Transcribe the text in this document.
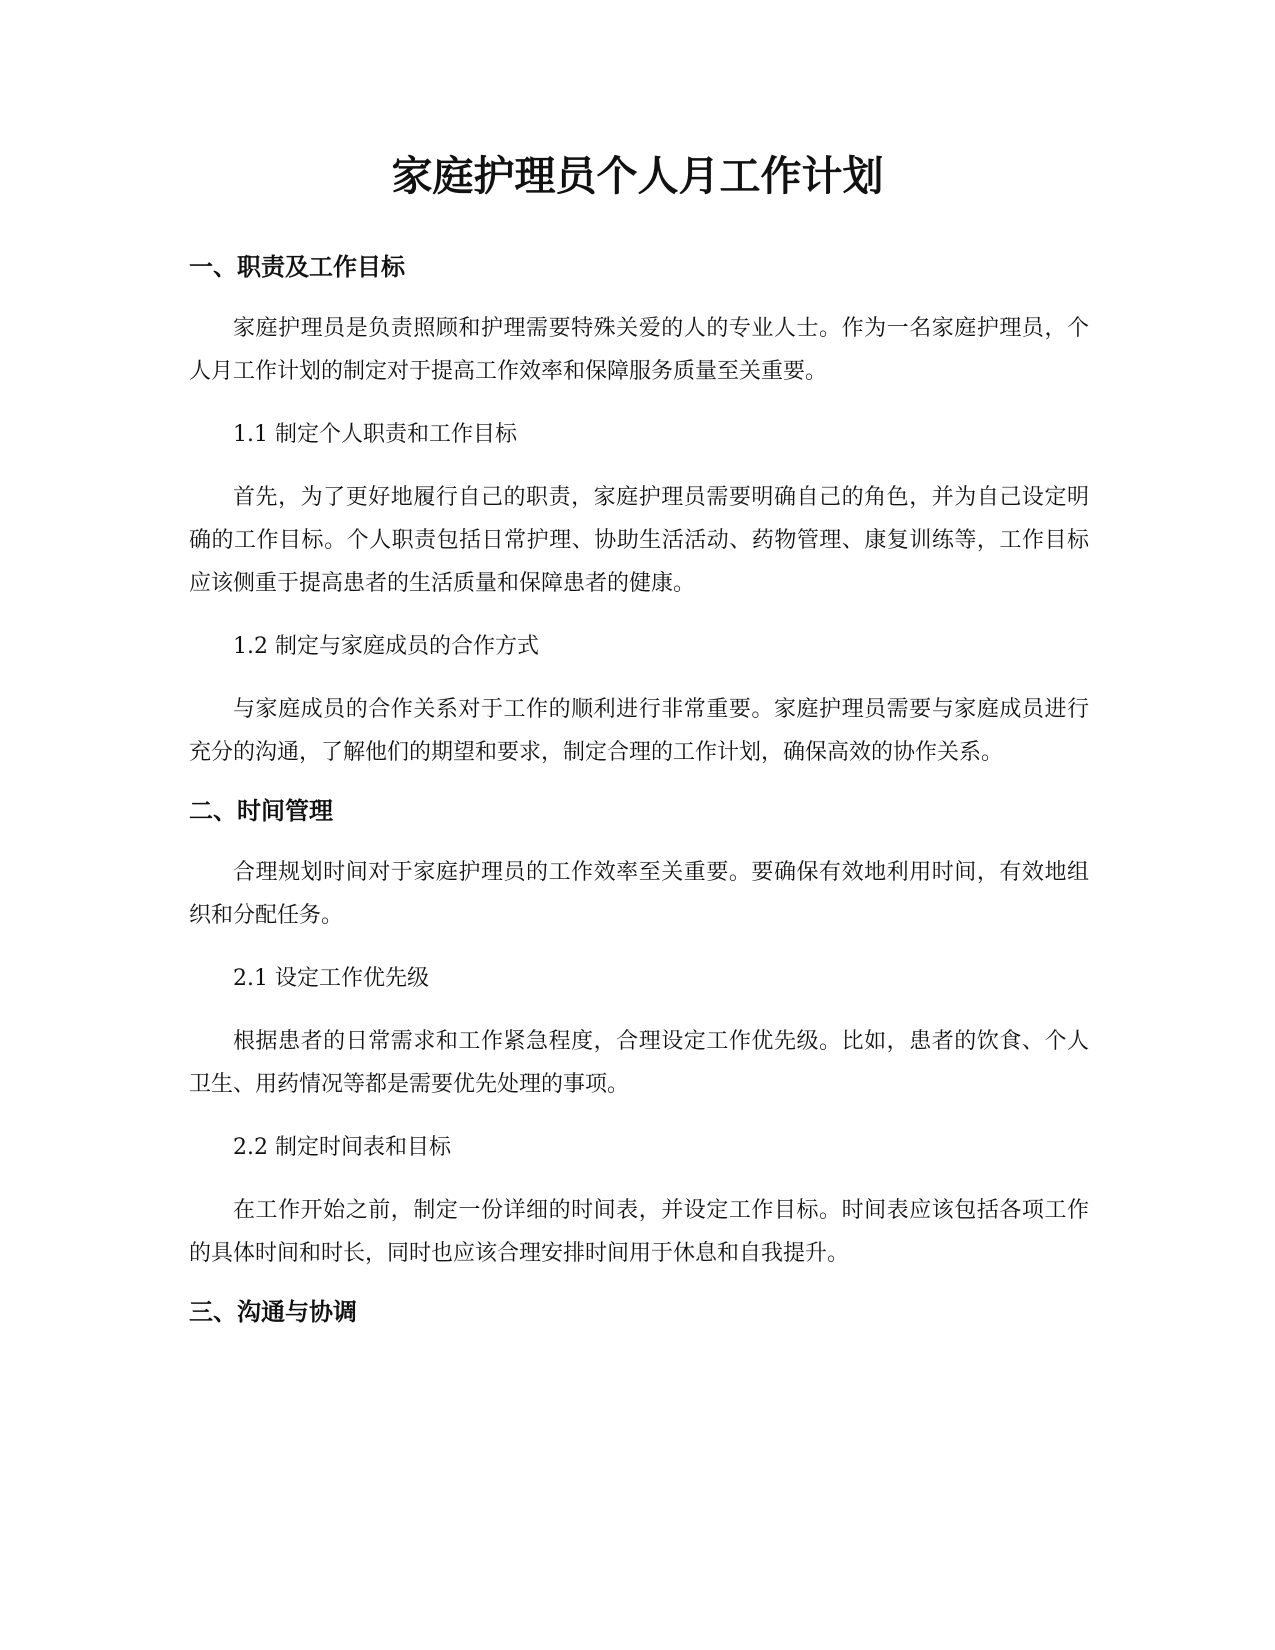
家庭护理员个人月工作计划
一、职责及工作目标

家庭护理员是负责照顾和护理需要特殊关爱的人的专业人士。作为一名家庭护理员，个人月工作计划的制定对于提高工作效率和保障服务质量至关重要。

1.1 制定个人职责和工作目标

首先，为了更好地履行自己的职责，家庭护理员需要明确自己的角色，并为自己设定明确的工作目标。个人职责包括日常护理、协助生活活动、药物管理、康复训练等，工作目标应该侧重于提高患者的生活质量和保障患者的健康。

1.2 制定与家庭成员的合作方式

与家庭成员的合作关系对于工作的顺利进行非常重要。家庭护理员需要与家庭成员进行充分的沟通，了解他们的期望和要求，制定合理的工作计划，确保高效的协作关系。

二、时间管理

合理规划时间对于家庭护理员的工作效率至关重要。要确保有效地利用时间，有效地组织和分配任务。

2.1 设定工作优先级

根据患者的日常需求和工作紧急程度，合理设定工作优先级。比如，患者的饮食、个人卫生、用药情况等都是需要优先处理的事项。

2.2 制定时间表和目标

在工作开始之前，制定一份详细的时间表，并设定工作目标。时间表应该包括各项工作的具体时间和时长，同时也应该合理安排时间用于休息和自我提升。

三、沟通与协调
